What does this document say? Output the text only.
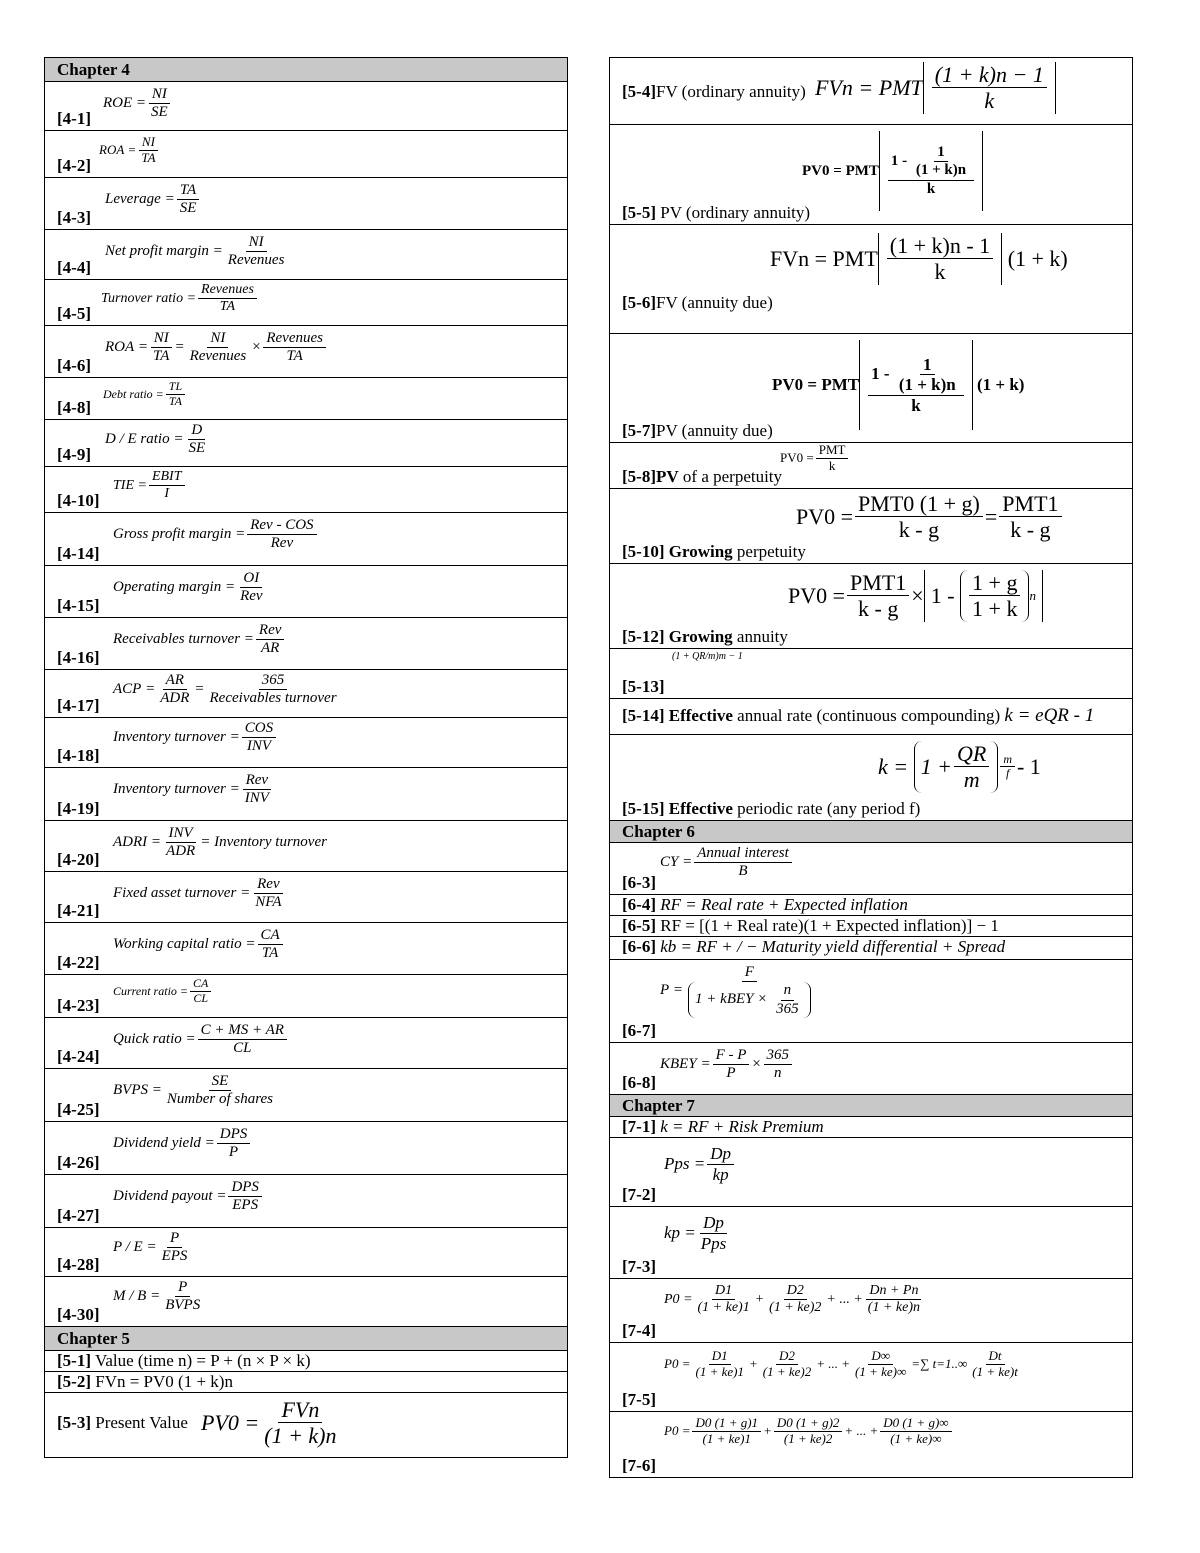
Chapter 4
[4-1]
ROE = $\frac{NI}{SE}$
[4-2]
ROA = $\frac{NI}{TA}$
[4-3]
Leverage = $\frac{TA}{SE}$
[4-4]
Net profit margin = $\frac{NI}{\text{Revenues}}$
[4-5]
Turnover ratio = $\frac{\text{Revenues}}{TA}$
[4-6]
ROA = $\frac{NI}{TA} = \frac{NI}{\text{Revenues}} \times \frac{\text{Revenues}}{TA}$
[4-8]
Debt ratio = $\frac{TL}{TA}$
[4-9]
D / E ratio = $\frac{D}{SE}$
[4-10]
TIE = $\frac{\text{EBIT}}{I}$
[4-14]
Gross profit margin = $\frac{\text{Rev - COS}}{\text{Rev}}$
[4-15]
Operating margin = $\frac{OI}{\text{Rev}}$
[4-16]
Receivables turnover = $\frac{\text{Rev}}{AR}$
[4-17]
ACP = $\frac{AR}{\text{ADR}} = \frac{365}{\text{Receivables turnover}}$
[4-18]
Inventory turnover = $\frac{\text{COS}}{\text{INV}}$
[4-19]
Inventory turnover = $\frac{\text{Rev}}{\text{INV}}$
[4-20]
ADRI = $\frac{\text{INV}}{\text{ADR}}$ = Inventory turnover
[4-21]
Fixed asset turnover = $\frac{\text{Rev}}{\text{NFA}}$
[4-22]
Working capital ratio = $\frac{CA}{TA}$
[4-23]
Current ratio = $\frac{CA}{CL}$
[4-24]
Quick ratio = $\frac{C + MS + AR}{CL}$
[4-25]
BVPS = $\frac{SE}{\text{Number of shares}}$
[4-26]
Dividend yield = $\frac{\text{DPS}}{P}$
[4-27]
Dividend payout = $\frac{\text{DPS}}{\text{EPS}}$
[4-28]
$P / E = \frac{P}{\text{EPS}}$
[4-30]
$M / B = \frac{P}{\text{BVPS}}$
Chapter 5
[5-1] Value (time n) = P + (n × P × k)
[5-2] FVn = PV0 (1 + k)n
[5-3] Present Value $PV0 = \frac{\text{FVn}}{(1 + k)n}$
[5-4]FV (ordinary annuity) FVn = PMT $\frac{(1 + k)n - 1}{k}$
[5-5] PV (ordinary annuity)
PV0 = PMT $\frac{1 - \frac{1}{(1 + k)n}}{k}$
[5-6]FV (annuity due)
FVn = PMT $\frac{(1 + k)n - 1}{k}$
(1 + k)
[5-7]PV (annuity due)
PV0 = PMT $\frac{1 - \frac{1}{(1 + k)n}}{k}$
(1 + k)
[5-8]PV of a perpetuity
$PV0 = \frac{\text{PMT}}{k}$
[5-10] Growing perpetuity
$PV0 = \frac{\text{PMT0 (1 + g)}}{k - g} = \frac{\text{PMT1}}{k - g}$
[5-12] Growing annuity
$PV0 = \frac{\text{PMT1}}{k - g} \times 1$ -
$\frac{1 + g}{1 + k}$ n
[5-13]
(1 + QR/m)m − 1
[5-14] Effective annual rate (continuous compounding) k = eQR - 1
[5-15] Effective periodic rate (any period f)
$k = 1 + \frac{QR}{m} \frac{m}{f} - 1$
Chapter 6
[6-3]
CY = $\frac{\text{Annual interest}}{B}$
[6-4] RF = Real rate + Expected inflation
[6-5] RF = [(1 + Real rate)(1 + Expected inflation)] − 1
[6-6] kb = RF + / − Maturity yield differential + Spread
[6-7]
P = F
1 + kBEY ×
$\frac{n}{365}$
[6-8]
KBEY = $\frac{F - P}{P} \times \frac{365}{n}$
Chapter 7
[7-1] k = RF + Risk Premium
[7-2]
Pps = $\frac{Dp}{kp}$
[7-3]
kp = $\frac{Dp}{\text{Pps}}$
[7-4]
$P0 = \frac{D1}{(1 + ke)1} + \frac{D2}{(1 + ke)2}$ + ... + $\frac{Dn + Pn}{(1 + ke)n}$
[7-5]
$P0 = \frac{D1}{(1 + ke)1} + \frac{D2}{(1 + ke)2}$ + ... + $\frac{D\infty}{(1 + ke)\infty}$ = ∑ $t=1..\infty \frac{Dt}{(1 + ke)t}$
[7-6]
$P0 = \frac{D0 (1 + g)1}{(1 + ke)1} + \frac{D0 (1 + g)2}{(1 + ke)2}$ + ... + $\frac{D0 (1 + g)\infty}{(1 + ke)\infty}$
